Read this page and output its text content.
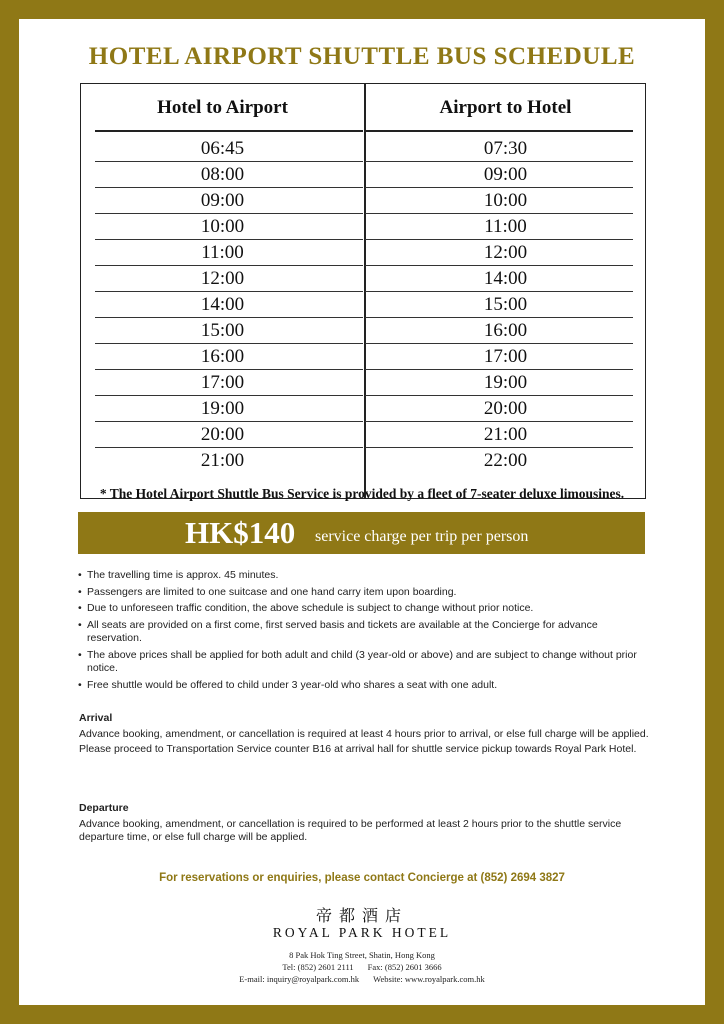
HOTEL AIRPORT SHUTTLE BUS SCHEDULE
Hotel to Airport
06:45
08:00
09:00
10:00
11:00
12:00
14:00
15:00
16:00
17:00
19:00
20:00
21:00
Airport to Hotel
07:30
09:00
10:00
11:00
12:00
14:00
15:00
16:00
17:00
19:00
20:00
21:00
22:00
* The Hotel Airport Shuttle Bus Service is provided by a fleet of 7-seater deluxe limousines.
HK$140 service charge per trip per person
• The travelling time is approx. 45 minutes.
• Passengers are limited to one suitcase and one hand carry item upon boarding.
• Due to unforeseen traffic condition, the above schedule is subject to change without prior notice.
• All seats are provided on a first come, first served basis and tickets are available at the Concierge for advance reservation.
• The above prices shall be applied for both adult and child (3 year-old or above) and are subject to change without prior notice.
• Free shuttle would be offered to child under 3 year-old who shares a seat with one adult.
Arrival

Advance booking, amendment, or cancellation is required at least 4 hours prior to arrival, or else full charge will be applied.

Please proceed to Transportation Service counter B16 at arrival hall for shuttle service pickup towards Royal Park Hotel.

Departure

Advance booking, amendment, or cancellation is required to be performed at least 2 hours prior to the shuttle service departure time, or else full charge will be applied.

For reservations or enquiries, please contact Concierge at (852) 2694 3827
帝都酒店
ROYAL PARK HOTEL
8 Pak Hok Ting Street, Shatin, Hong Kong
Tel: (852) 2601 2111 Fax: (852) 2601 3666
E-mail: inquiry@royalpark.com.hk Website: www.royalpark.com.hk
